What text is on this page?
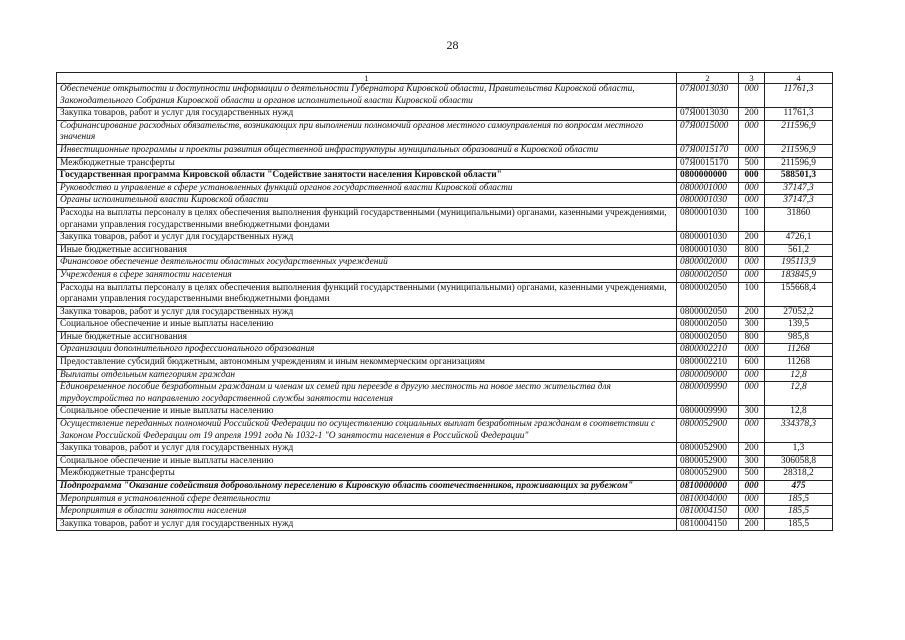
28
1	2	3	4
Обеспечение открытости и доступности информации о деятельности Губернатора Кировской области, Правительства Кировской области, Законодательного Собрания Кировской области и органов исполнительной власти Кировской области	07Я0013030	000	11761,3
Закупка товаров, работ и услуг для государственных нужд	07Я0013030	200	11761,3
Софинансирование расходных обязательств, возникающих при выполнении полномочий органов местного самоуправления по вопросам местного значения	07Я0015000	000	211596,9
Инвестиционные программы и проекты развития общественной инфраструктуры муниципальных образований в Кировской области	07Я0015170	000	211596,9
Межбюджетные трансферты	07Я0015170	500	211596,9
Государственная программа Кировской области "Содействие занятости населения Кировской области"	0800000000	000	588501,3
Руководство и управление в сфере установленных функций органов государственной власти Кировской области	0800001000	000	37147,3
Органы исполнительной власти Кировской области	0800001030	000	37147,3
Расходы на выплаты персоналу в целях обеспечения выполнения функций государственными (муниципальными) органами, казенными учреждениями, органами управления государственными внебюджетными фондами	0800001030	100	31860
Закупка товаров, работ и услуг для государственных нужд	0800001030	200	4726,1
Иные бюджетные ассигнования	0800001030	800	561,2
Финансовое обеспечение деятельности областных государственных учреждений	0800002000	000	195113,9
Учреждения в сфере занятости населения	0800002050	000	183845,9
Расходы на выплаты персоналу в целях обеспечения выполнения функций государственными (муниципальными) органами, казенными учреждениями, органами управления государственными внебюджетными фондами	0800002050	100	155668,4
Закупка товаров, работ и услуг для государственных нужд	0800002050	200	27052,2
Социальное обеспечение и иные выплаты населению	0800002050	300	139,5
Иные бюджетные ассигнования	0800002050	800	985,8
Организации дополнительного профессионального образования	0800002210	000	11268
Предоставление субсидий бюджетным, автономным учреждениям и иным некоммерческим организациям	0800002210	600	11268
Выплаты отдельным категориям граждан	0800009000	000	12,8
Единовременное пособие безработным гражданам и членам их семей при переезде в другую местность на новое место жительства для трудоустройства по направлению государственной службы занятости населения	0800009990	000	12,8
Социальное обеспечение и иные выплаты населению	0800009990	300	12,8
Осуществление переданных полномочий Российской Федерации по осуществлению социальных выплат безработным гражданам в соответствии с Законом Российской Федерации от 19 апреля 1991 года № 1032-1 "О занятости населения в Российской Федерации"	0800052900	000	334378,3
Закупка товаров, работ и услуг для государственных нужд	0800052900	200	1,3
Социальное обеспечение и иные выплаты населению	0800052900	300	306058,8
Межбюджетные трансферты	0800052900	500	28318,2
Подпрограмма "Оказание содействия добровольному переселению в Кировскую область соотечественников, проживающих за рубежом"	0810000000	000	475
Мероприятия в установленной сфере деятельности	0810004000	000	185,5
Мероприятия в области занятости населения	0810004150	000	185,5
Закупка товаров, работ и услуг для государственных нужд	0810004150	200	185,5
